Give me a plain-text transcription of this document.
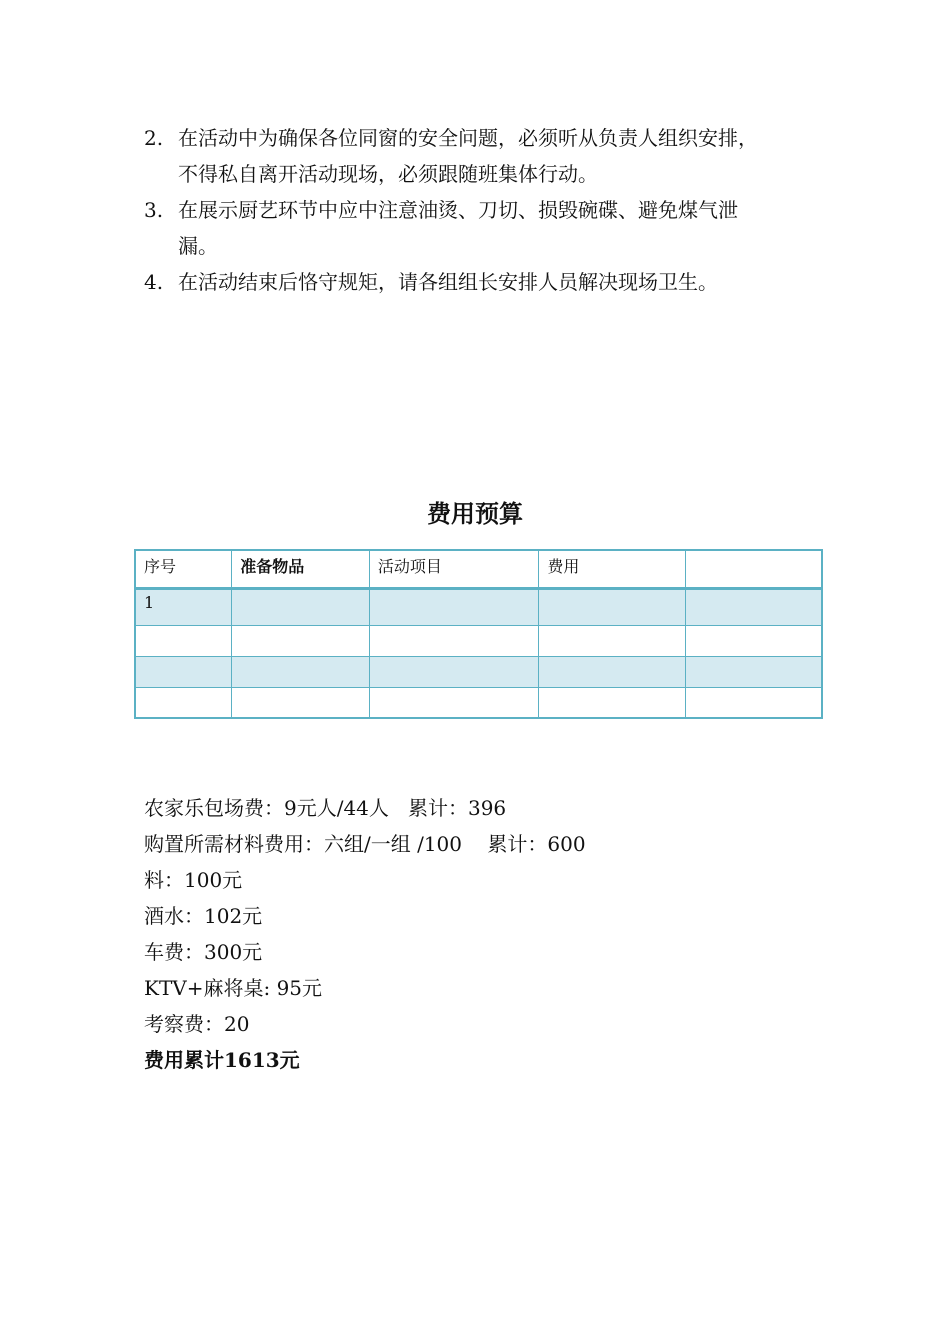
2. 在活动中为确保各位同窗的安全问题，必须听从负责人组织安排，
不得私自离开活动现场，必须跟随班集体行动。
3. 在展示厨艺环节中应中注意油烫、刀切、损毁碗碟、避免煤气泄
漏。
4. 在活动结束后恪守规矩，请各组组长安排人员解决现场卫生。
费用预算
序号	准备物品	活动项目	费用	
1				

农家乐包场费：9元人/44人   累计：396
购置所需材料费用：六组/一组 /100    累计：600
料：100元
酒水：102元
车费：300元
KTV+麻将桌: 95元
考察费：20
费用累计1613元
